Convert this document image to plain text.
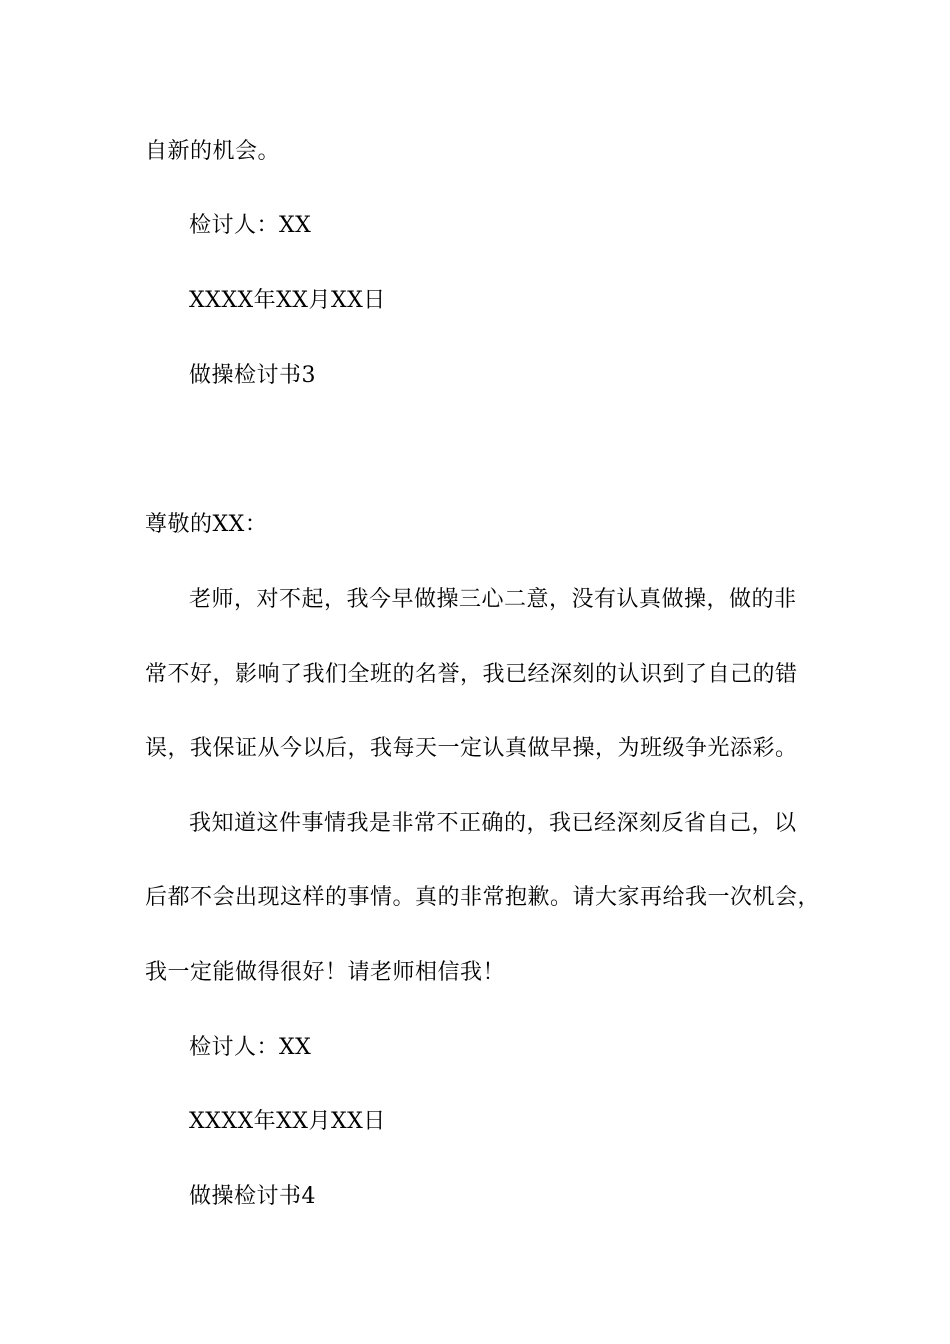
自新的机会。
检讨人：XX
XXXX年XX月XX日
做操检讨书3
尊敬的XX：
老师，对不起，我今早做操三心二意，没有认真做操，做的非
常不好，影响了我们全班的名誉，我已经深刻的认识到了自己的错
误，我保证从今以后，我每天一定认真做早操，为班级争光添彩。
我知道这件事情我是非常不正确的，我已经深刻反省自己，以
后都不会出现这样的事情。真的非常抱歉。请大家再给我一次机会，
我一定能做得很好！请老师相信我！
检讨人：XX
XXXX年XX月XX日
做操检讨书4
